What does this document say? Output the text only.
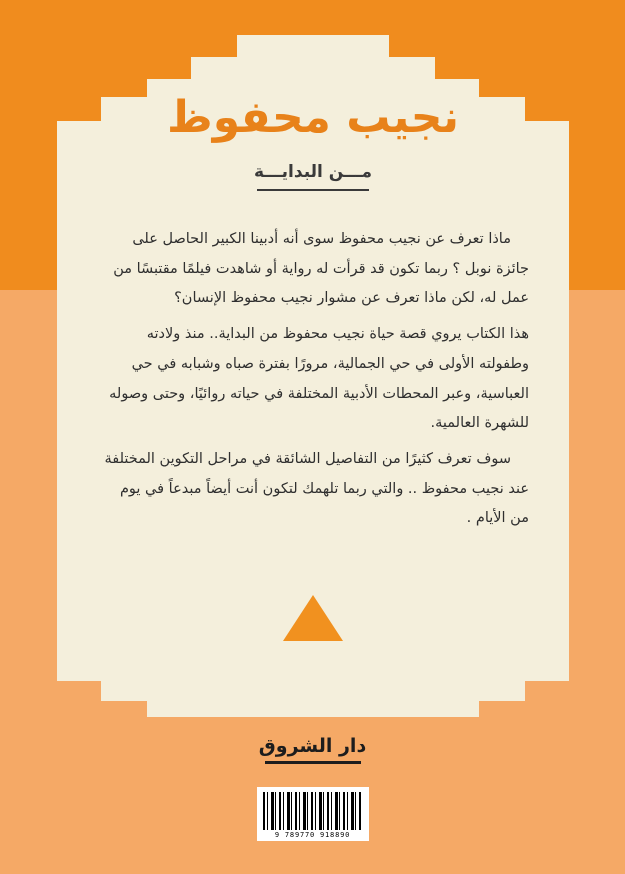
نجيب محفوظ
مـــن البدايـــة

ماذا تعرف عن نجيب محفوظ سوى أنه أدبينا الكبير الحاصل على جائزة نوبل ؟ ربما تكون قد قرأت له رواية أو شاهدت فيلمًا مقتبسًا من عمل له، لكن ماذا تعرف عن مشوار نجيب محفوظ الإنسان؟

هذا الكتاب يروي قصة حياة نجيب محفوظ من البداية.. منذ ولادته وطفولته الأولى في حي الجمالية، مرورًا بفترة صباه وشبابه في حي العباسية، وعبر المحطات الأدبية المختلفة في حياته روائيًا، وحتى وصوله للشهرة العالمية.

سوف تعرف كثيرًا من التفاصيل الشائقة في مراحل التكوين المختلفة عند نجيب محفوظ .. والتي ربما تلهمك لتكون أنت أيضاً مبدعاً في يوم من الأيام .

دار الشروق
9 789770 918890
